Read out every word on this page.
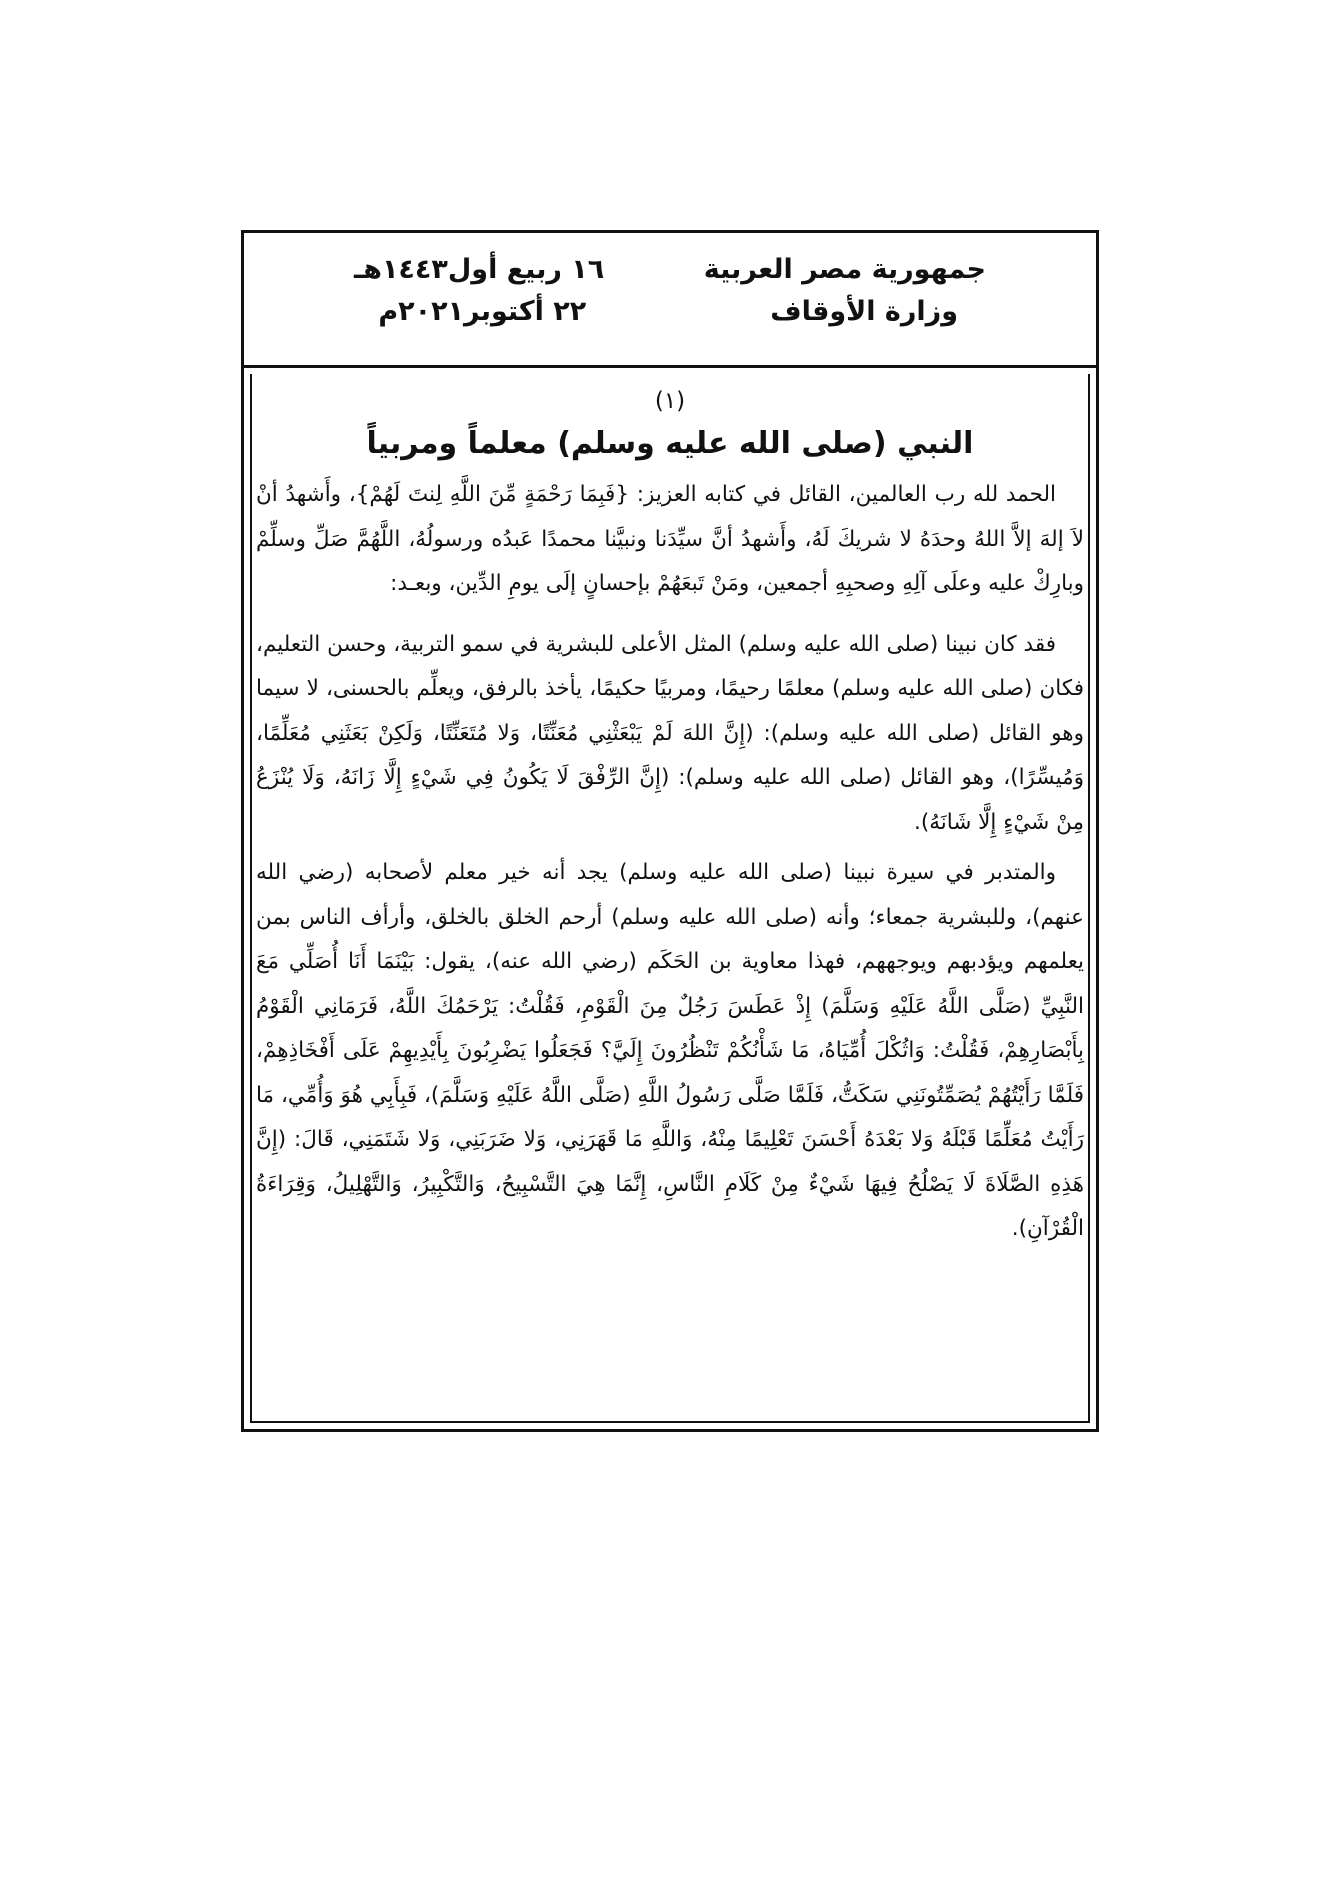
جمهورية مصر العربية
وزارة الأوقاف
١٦ ربيع أول١٤٤٣هـ
٢٢ أكتوبر٢٠٢١م
(١)
النبي (صلى الله عليه وسلم) معلماً ومربياً

الحمد لله رب العالمين، القائل في كتابه العزيز: {فَبِمَا رَحْمَةٍ مِّنَ اللَّهِ لِنتَ لَهُمْ}، وأَشهدُ أنْ لاَ إلهَ إلاَّ اللهُ وحدَهُ لا شريكَ لَهُ، وأَشهدُ أنَّ سيِّدَنا ونبيَّنا محمدًا عَبدُه ورسولُهُ، اللَّهُمَّ صَلِّ وسلِّمْ وبارِكْ عليه وعلَى آلِهِ وصحبِهِ أجمعين، ومَنْ تَبعَهُمْ بإحسانٍ إلَى يومِ الدِّين، وبعـد:

فقد كان نبينا (صلى الله عليه وسلم) المثل الأعلى للبشرية في سمو التربية، وحسن التعليم، فكان (صلى الله عليه وسلم) معلمًا رحيمًا، ومربيًا حكيمًا، يأخذ بالرفق، ويعلِّم بالحسنى، لا سيما وهو القائل (صلى الله عليه وسلم): (إِنَّ اللهَ لَمْ يَبْعَثْنِي مُعَنِّتًا، وَلا مُتَعَنِّتًا، وَلَكِنْ بَعَثَنِي مُعَلِّمًا، وَمُيسِّرًا)، وهو القائل (صلى الله عليه وسلم): (إِنَّ الرِّفْقَ لَا يَكُونُ فِي شَيْءٍ إِلَّا زَانَهُ، وَلَا يُنْزَعُ مِنْ شَيْءٍ إِلَّا شَانَهُ).

والمتدبر في سيرة نبينا (صلى الله عليه وسلم) يجد أنه خير معلم لأصحابه (رضي الله عنهم)، وللبشرية جمعاء؛ وأنه (صلى الله عليه وسلم) أرحم الخلق بالخلق، وأرأف الناس بمن يعلمهم ويؤدبهم ويوجههم، فهذا معاوية بن الحَكَم (رضي الله عنه)، يقول: بَيْنَمَا أَنَا أُصَلِّي مَعَ النَّبِيِّ (صَلَّى اللَّهُ عَلَيْهِ وَسَلَّمَ) إِذْ عَطَسَ رَجُلٌ مِنَ الْقَوْمِ، فَقُلْتُ: يَرْحَمُكَ اللَّهُ، فَرَمَانِي الْقَوْمُ بِأَبْصَارِهِمْ، فَقُلْتُ: وَاثُكْلَ أُمِّيَاهُ، مَا شَأْنُكُمْ تَنْظُرُونَ إِلَيَّ؟ فَجَعَلُوا يَضْرِبُونَ بِأَيْدِيهِمْ عَلَى أَفْخَاذِهِمْ، فَلَمَّا رَأَيْتُهُمْ يُصَمِّتُونَنِي سَكَتُّ، فَلَمَّا صَلَّى رَسُولُ اللَّهِ (صَلَّى اللَّهُ عَلَيْهِ وَسَلَّمَ)، فَبِأَبِي هُوَ وَأُمِّي، مَا رَأَيْتُ مُعَلِّمًا قَبْلَهُ وَلا بَعْدَهُ أَحْسَنَ تَعْلِيمًا مِنْهُ، وَاللَّهِ مَا قَهَرَنِي، وَلا ضَرَبَنِي، وَلا شَتَمَنِي، قَالَ: (إِنَّ هَذِهِ الصَّلَاةَ لَا يَصْلُحُ فِيهَا شَيْءٌ مِنْ كَلَامِ النَّاسِ، إِنَّمَا هِيَ التَّسْبِيحُ، وَالتَّكْبِيرُ، وَالتَّهْلِيلُ، وَقِرَاءَةُ الْقُرْآنِ).
